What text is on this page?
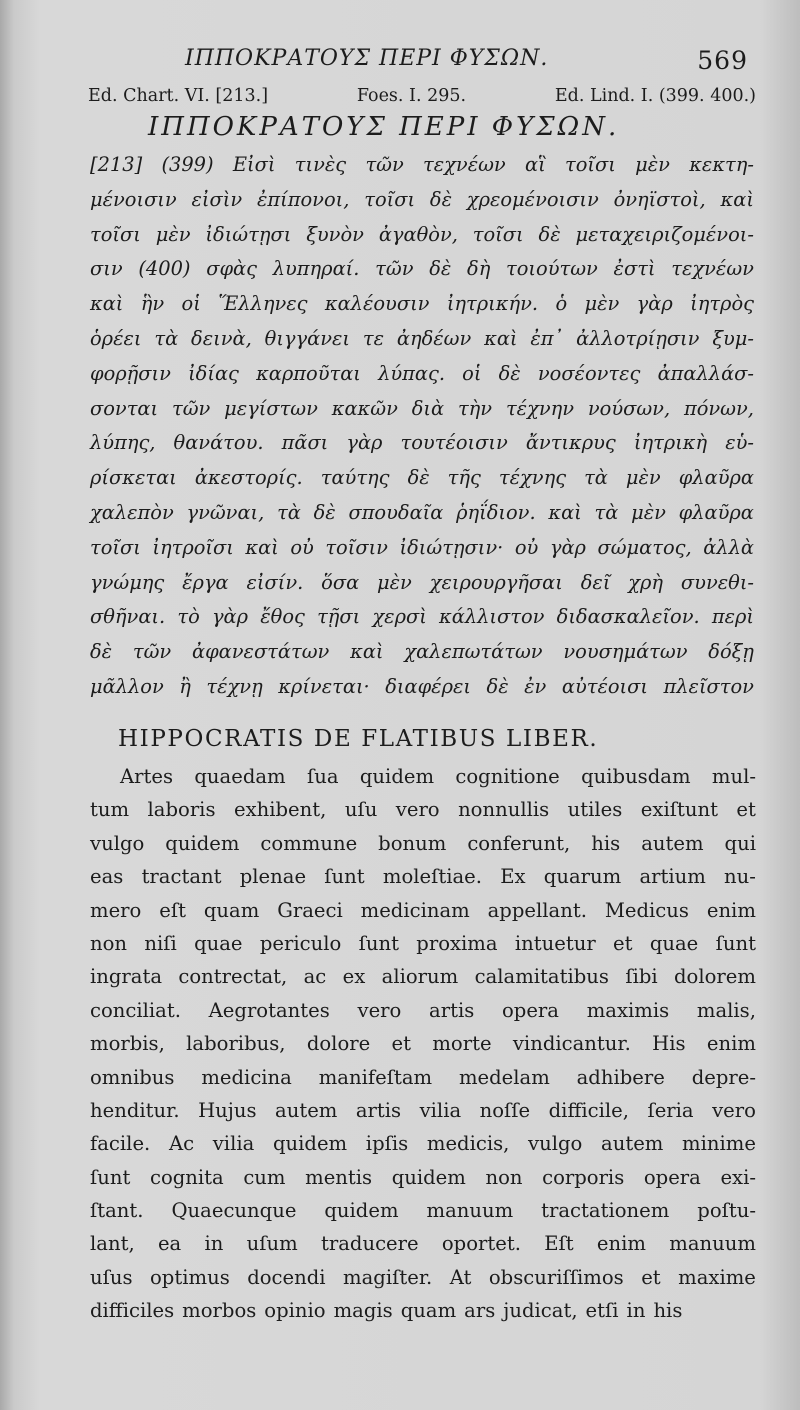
ΙΠΠΟΚΡΑΤΟΥΣ ΠΕΡΙ ΦΥΣΩΝ.	569
Ed. Chart. VI. [213.]	Foes. I. 295.	Ed. Lind. I. (399. 400.)
ΙΠΠΟΚΡΑΤΟΥΣ ΠΕΡΙ ΦΥΣΩΝ.
[213] (399) Εἰσὶ τινὲς τῶν τεχνέων αἳ τοῖσι μὲν κεκτη-
μένοισιν εἰσὶν ἐπίπονοι, τοῖσι δὲ χρεομένοισιν ὀνηϊστοὶ, καὶ
τοῖσι μὲν ἰδιώτῃσι ξυνὸν ἀγαθὸν, τοῖσι δὲ μεταχειριζομένοι-
σιν (400) σφὰς λυπηραί. τῶν δὲ δὴ τοιούτων ἐστὶ τεχνέων
καὶ ἣν οἱ Ἕλληνες καλέουσιν ἰητρικήν. ὁ μὲν γὰρ ἰητρὸς
ὁρέει τὰ δεινὰ, θιγγάνει τε ἀηδέων καὶ ἐπ᾽ ἀλλοτρίῃσιν ξυμ-
φορῇσιν ἰδίας καρποῦται λύπας. οἱ δὲ νοσέοντες ἀπαλλάσ-
σονται τῶν μεγίστων κακῶν διὰ τὴν τέχνην νούσων, πόνων,
λύπης, θανάτου. πᾶσι γὰρ τουτέοισιν ἄντικρυς ἰητρικὴ εὑ-
ρίσκεται ἀκεστορίς. ταύτης δὲ τῆς τέχνης τὰ μὲν φλαῦρα
χαλεπὸν γνῶναι, τὰ δὲ σπουδαῖα ῥηΐδιον. καὶ τὰ μὲν φλαῦρα
τοῖσι ἰητροῖσι καὶ οὐ τοῖσιν ἰδιώτῃσιν· οὐ γὰρ σώματος, ἀλλὰ
γνώμης ἔργα εἰσίν. ὅσα μὲν χειρουργῆσαι δεῖ χρὴ συνεθι-
σθῆναι. τὸ γὰρ ἔθος τῇσι χερσὶ κάλλιστον διδασκαλεῖον. περὶ
δὲ τῶν ἀφανεστάτων καὶ χαλεπωτάτων νουσημάτων δόξῃ
μᾶλλον ἢ τέχνῃ κρίνεται· διαφέρει δὲ ἐν αὐτέοισι πλεῖστον
HIPPOCRATIS DE FLATIBUS LIBER.
Artes quaedam ſua quidem cognitione quibusdam mul-
tum laboris exhibent, uſu vero nonnullis utiles exiſtunt et
vulgo quidem commune bonum conferunt, his autem qui
eas tractant plenae ſunt moleſtiae. Ex quarum artium nu-
mero eſt quam Graeci medicinam appellant. Medicus enim
non niſi quae periculo ſunt proxima intuetur et quae ſunt
ingrata contrectat, ac ex aliorum calamitatibus ſibi dolorem
conciliat. Aegrotantes vero artis opera maximis malis,
morbis, laboribus, dolore et morte vindicantur. His enim
omnibus medicina manifeſtam medelam adhibere depre-
henditur. Hujus autem artis vilia noſſe difficile, ſeria vero
facile. Ac vilia quidem ipſis medicis, vulgo autem minime
ſunt cognita cum mentis quidem non corporis opera exi-
ſtant. Quaecunque quidem manuum tractationem poſtu-
lant, ea in uſum traducere oportet. Eſt enim manuum
uſus optimus docendi magiſter. At obscuriſſimos et maxime
difficiles morbos opinio magis quam ars judicat, etſi in his
